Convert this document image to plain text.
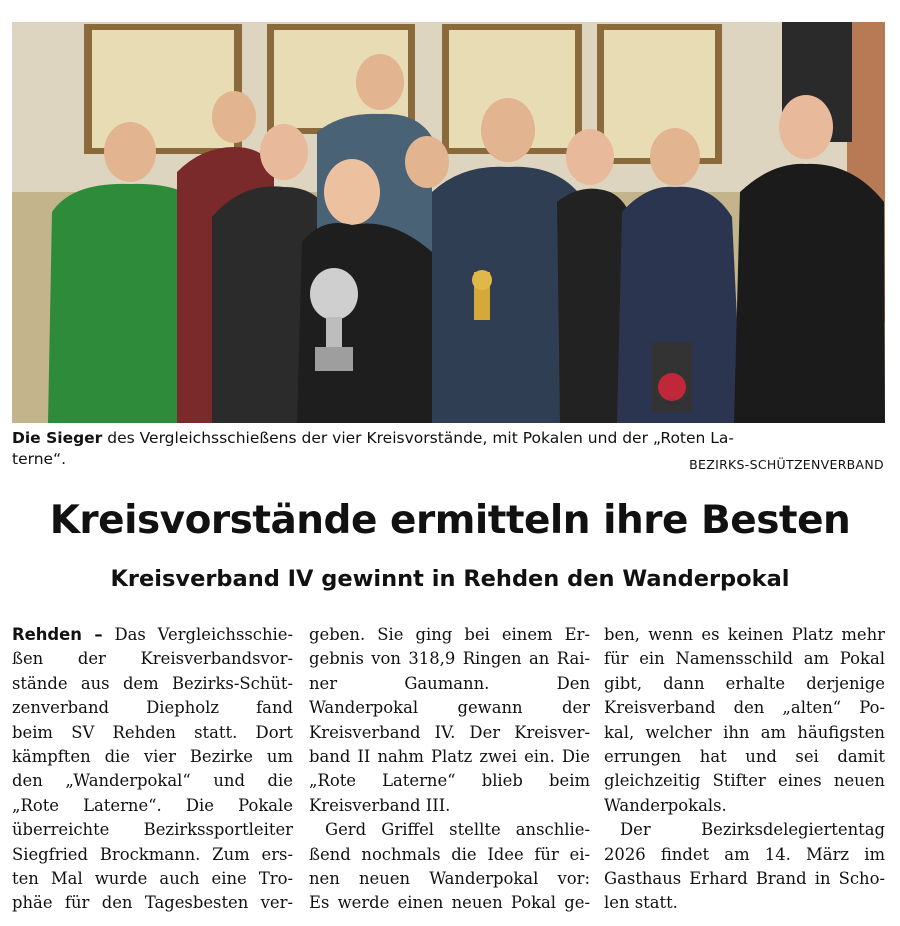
Die Sieger des Vergleichsschießens der vier Kreisvorstände, mit Pokalen und der „Roten La-
terne“.	BEZIRKS-SCHÜTZENVERBAND
Kreisvorstände ermitteln ihre Besten
Kreisverband IV gewinnt in Rehden den Wanderpokal
Rehden – Das Vergleichsschie-
ßen der Kreisverbandsvor-
stände aus dem Bezirks-Schüt-
zenverband Diepholz fand
beim SV Rehden statt. Dort
kämpften die vier Bezirke um
den „Wanderpokal“ und die
„Rote Laterne“. Die Pokale
überreichte Bezirkssportleiter
Siegfried Brockmann. Zum ers-
ten Mal wurde auch eine Tro-
phäe für den Tagesbesten ver-
geben. Sie ging bei einem Er-
gebnis von 318,9 Ringen an Rai-
ner Gaumann. Den
Wanderpokal gewann der
Kreisverband IV. Der Kreisver-
band II nahm Platz zwei ein. Die
„Rote Laterne“ blieb beim
Kreisverband III.
Gerd Griffel stellte anschlie-
ßend nochmals die Idee für ei-
nen neuen Wanderpokal vor:
Es werde einen neuen Pokal ge-
ben, wenn es keinen Platz mehr
für ein Namensschild am Pokal
gibt, dann erhalte derjenige
Kreisverband den „alten“ Po-
kal, welcher ihn am häufigsten
errungen hat und sei damit
gleichzeitig Stifter eines neuen
Wanderpokals.
Der Bezirksdelegiertentag
2026 findet am 14. März im
Gasthaus Erhard Brand in Scho-
len statt.
